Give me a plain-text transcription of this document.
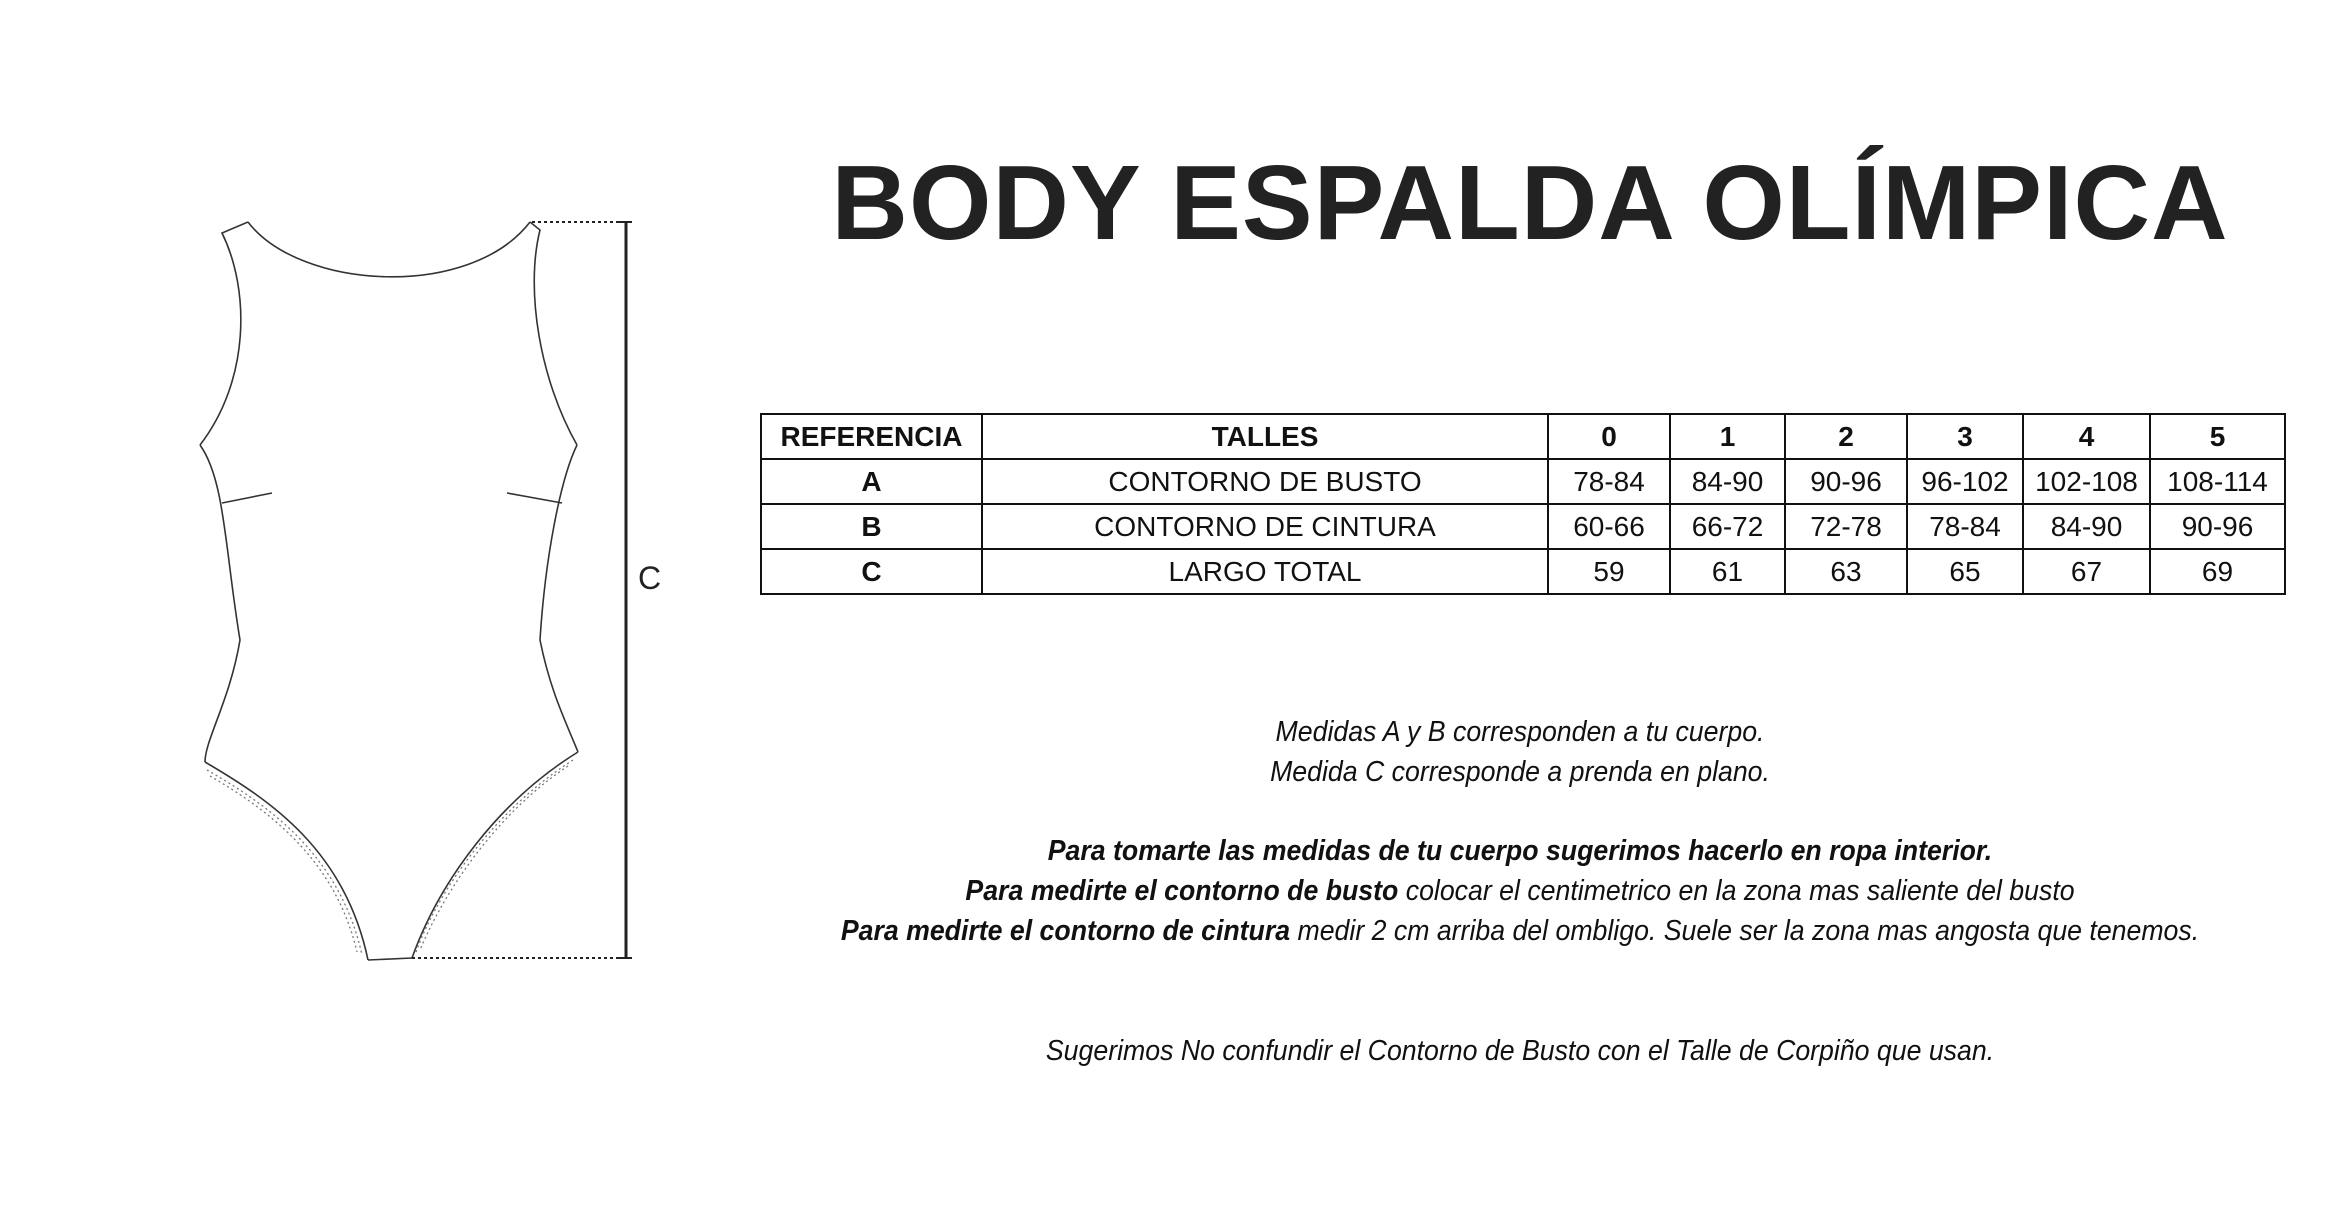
C
BODY ESPALDA OLÍMPICA
REFERENCIA	TALLES	0	1	2	3	4	5
A	CONTORNO DE BUSTO	78-84	84-90	90-96	96-102	102-108	108-114
B	CONTORNO DE CINTURA	60-66	66-72	72-78	78-84	84-90	90-96
C	LARGO TOTAL	59	61	63	65	67	69
Medidas A y B corresponden a tu cuerpo.
Medida C corresponde a prenda en plano.
Para tomarte las medidas de tu cuerpo sugerimos hacerlo en ropa interior.
Para medirte el contorno de busto colocar el centimetrico en la zona mas saliente del busto
Para medirte el contorno de cintura medir 2 cm arriba del ombligo. Suele ser la zona mas angosta que tenemos.
Sugerimos No confundir el Contorno de Busto con el Talle de Corpiño que usan.
